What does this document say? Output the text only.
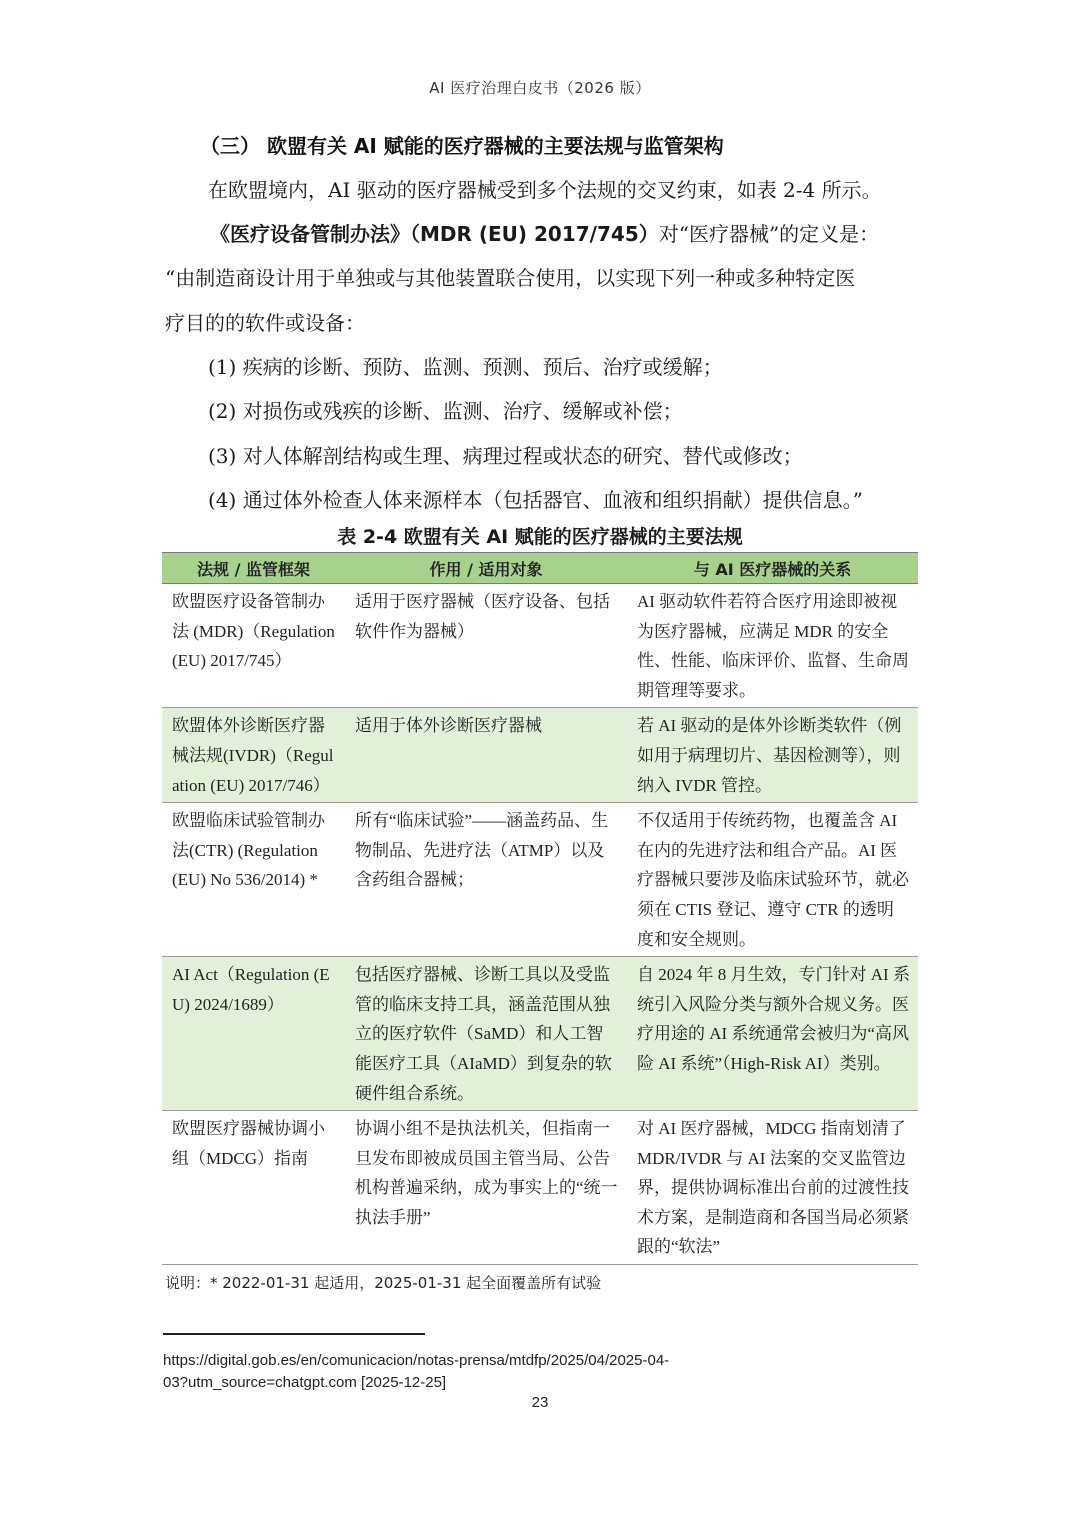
AI 医疗治理白皮书（2026 版）
（三） 欧盟有关 AI 赋能的医疗器械的主要法规与监管架构
在欧盟境内，AI 驱动的医疗器械受到多个法规的交叉约束，如表 2-4 所示。
《医疗设备管制办法》（MDR (EU) 2017/745）对“医疗器械”的定义是：
“由制造商设计用于单独或与其他装置联合使用，以实现下列一种或多种特定医
疗目的的软件或设备：
(1) 疾病的诊断、预防、监测、预测、预后、治疗或缓解；
(2) 对损伤或残疾的诊断、监测、治疗、缓解或补偿；
(3) 对人体解剖结构或生理、病理过程或状态的研究、替代或修改；
(4) 通过体外检查人体来源样本（包括器官、血液和组织捐献）提供信息。”
表 2-4 欧盟有关 AI 赋能的医疗器械的主要法规
法规 / 监管框架	作用 / 适用对象	与 AI 医疗器械的关系
欧盟医疗设备管制办法 (MDR)（Regulation (EU) 2017/745）	适用于医疗器械（医疗设备、包括软件作为器械）	AI 驱动软件若符合医疗用途即被视为医疗器械，应满足 MDR 的安全性、性能、临床评价、监督、生命周期管理等要求。
欧盟体外诊断医疗器械法规(IVDR)（Regulation (EU) 2017/746）	适用于体外诊断医疗器械	若 AI 驱动的是体外诊断类软件（例如用于病理切片、基因检测等），则纳入 IVDR 管控。
欧盟临床试验管制办法(CTR) (Regulation (EU) No 536/2014) *	所有“临床试验”——涵盖药品、生物制品、先进疗法（ATMP）以及含药组合器械；	不仅适用于传统药物，也覆盖含 AI 在内的先进疗法和组合产品。AI 医疗器械只要涉及临床试验环节，就必须在 CTIS 登记、遵守 CTR 的透明度和安全规则。
AI Act（Regulation (EU) 2024/1689）	包括医疗器械、诊断工具以及受监管的临床支持工具，涵盖范围从独立的医疗软件（SaMD）和人工智能医疗工具（AIaMD）到复杂的软硬件组合系统。	自 2024 年 8 月生效，专门针对 AI 系统引入风险分类与额外合规义务。医疗用途的 AI 系统通常会被归为“高风险 AI 系统”（High-Risk AI）类别。
欧盟医疗器械协调小组（MDCG）指南	协调小组不是执法机关，但指南一旦发布即被成员国主管当局、公告机构普遍采纳，成为事实上的“统一执法手册”	对 AI 医疗器械，MDCG 指南划清了 MDR/IVDR 与 AI 法案的交叉监管边界，提供协调标准出台前的过渡性技术方案，是制造商和各国当局必须紧跟的“软法”
说明：* 2022-01-31 起适用，2025-01-31 起全面覆盖所有试验
https://digital.gob.es/en/comunicacion/notas-prensa/mtdfp/2025/04/2025-04-
03?utm_source=chatgpt.com [2025-12-25]
23
